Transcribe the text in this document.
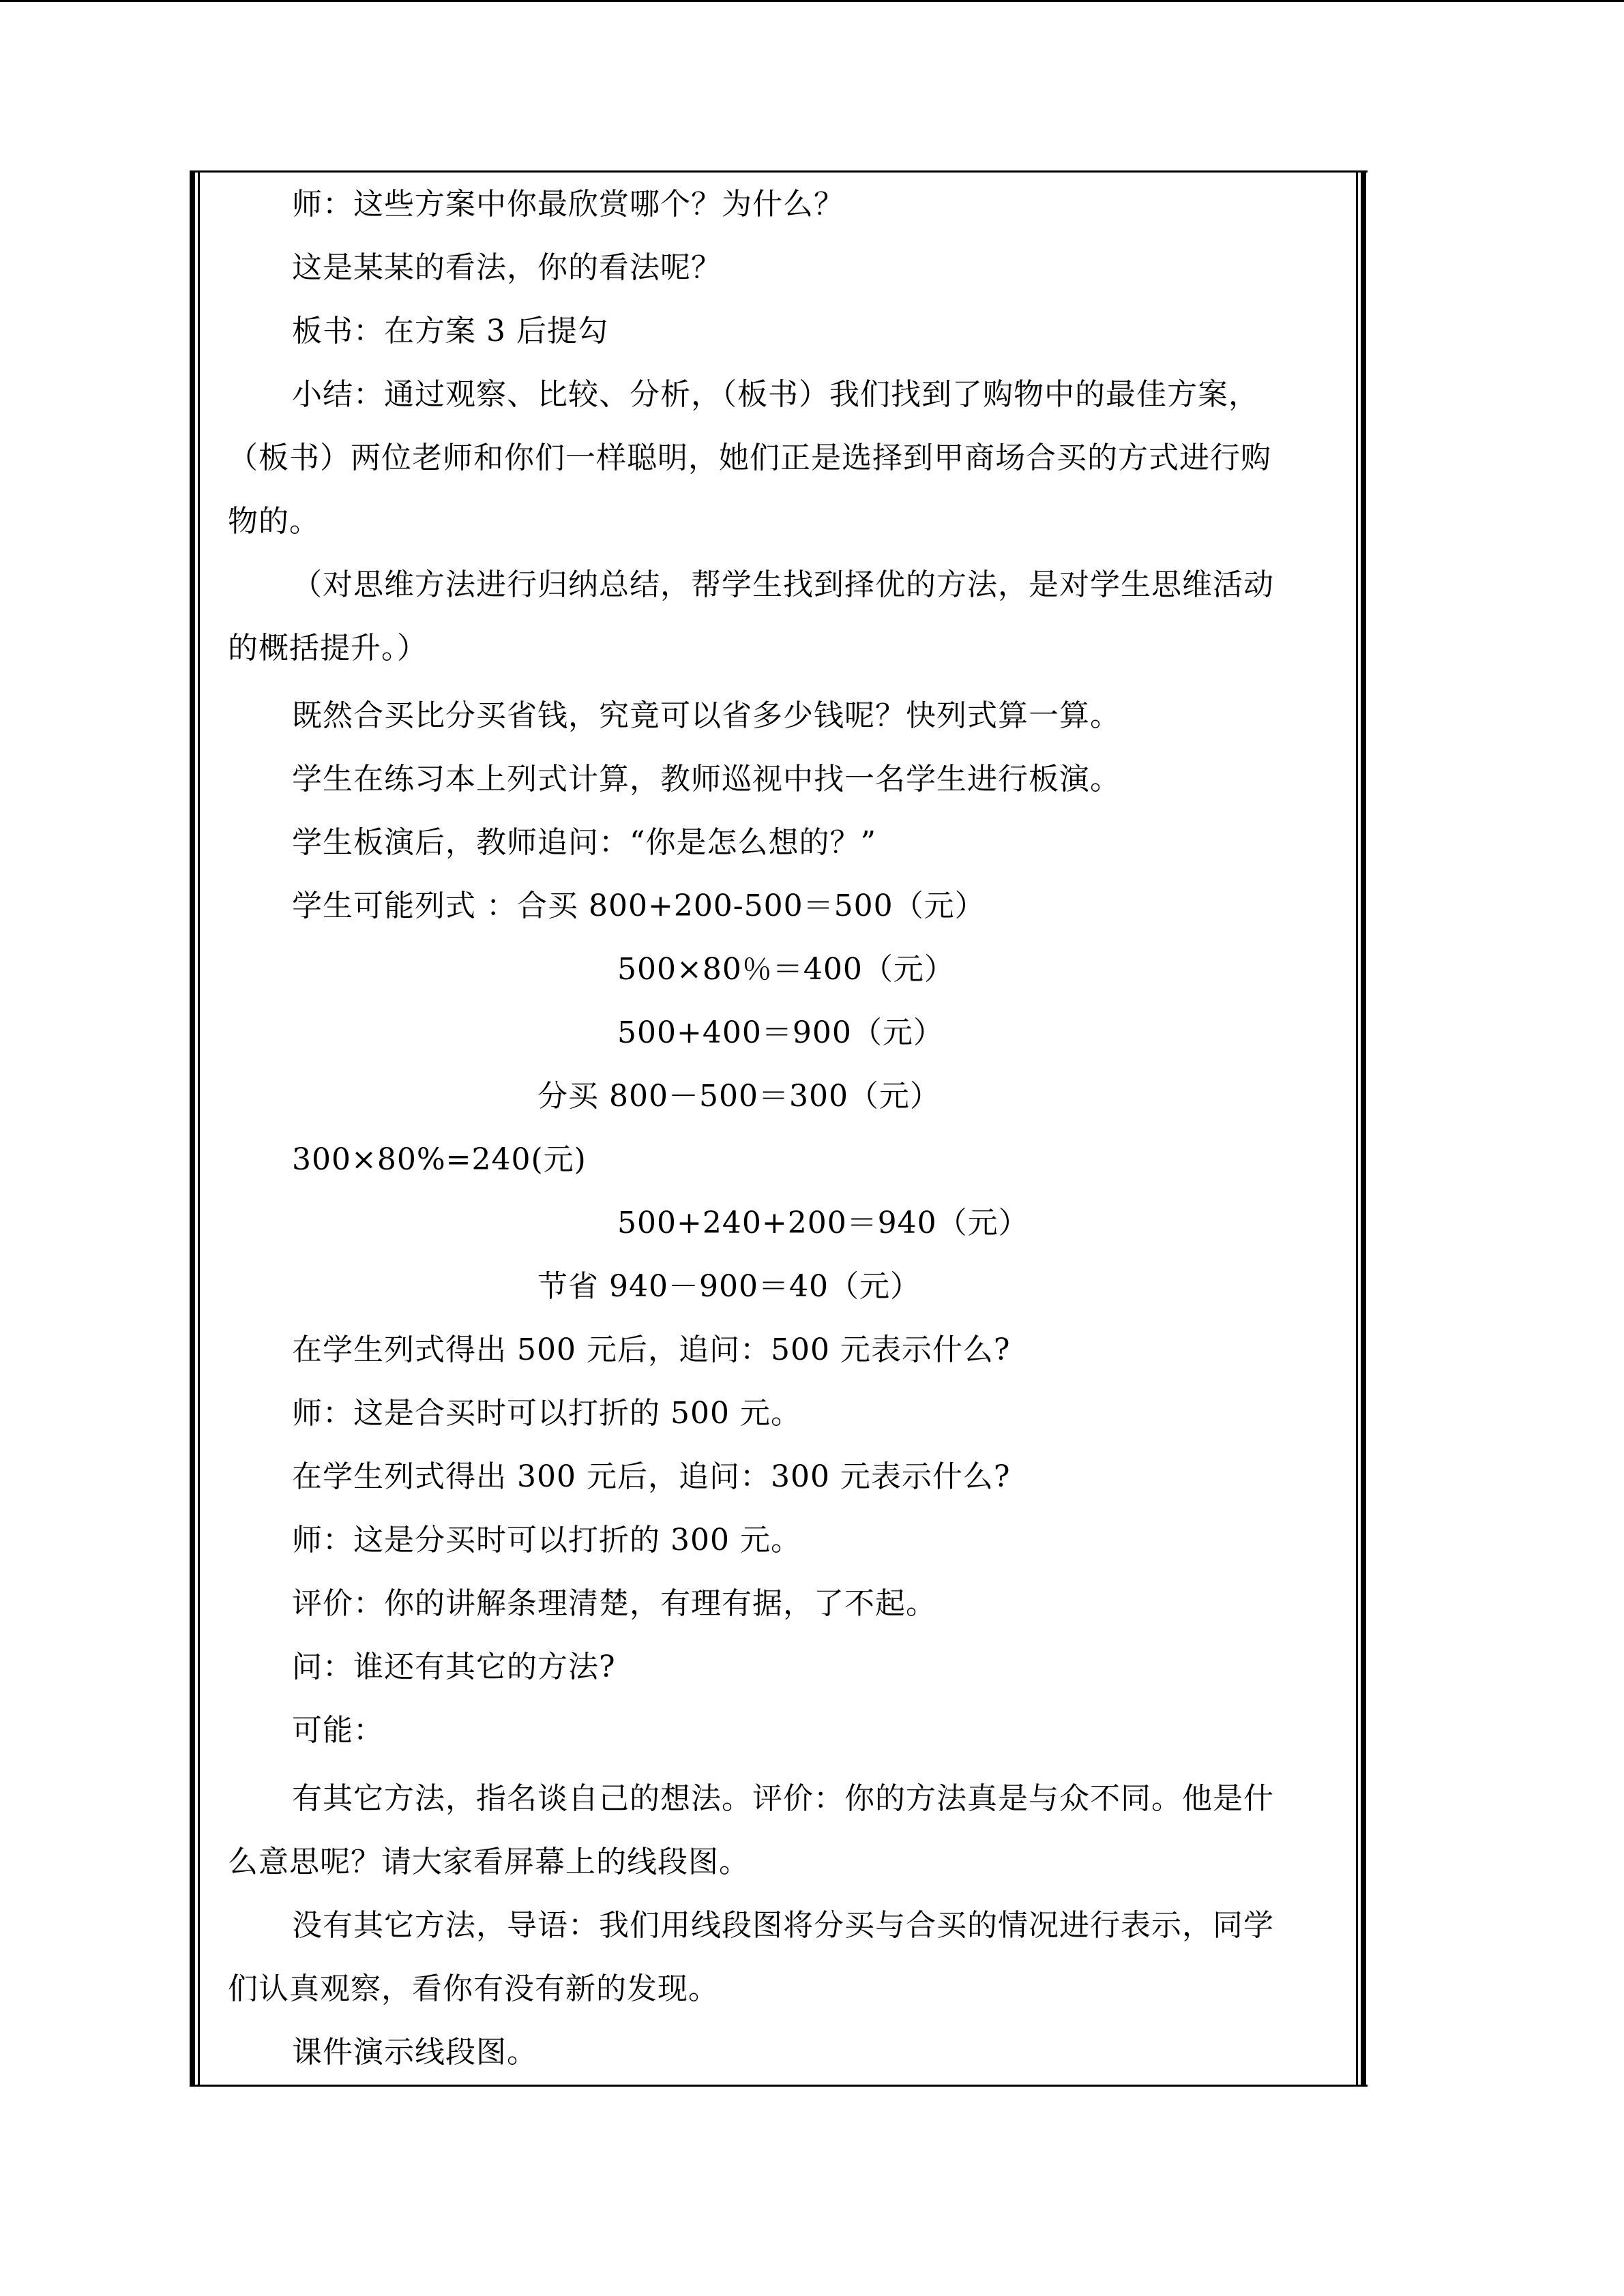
师：这些方案中你最欣赏哪个？为什么？
这是某某的看法，你的看法呢？
板书：在方案 3 后提勾
小结：通过观察、比较、分析，（板书）我们找到了购物中的最佳方案，
（板书）两位老师和你们一样聪明，她们正是选择到甲商场合买的方式进行购
物的。
（对思维方法进行归纳总结，帮学生找到择优的方法，是对学生思维活动
的概括提升。）
既然合买比分买省钱，究竟可以省多少钱呢？快列式算一算。
学生在练习本上列式计算，教师巡视中找一名学生进行板演。
学生板演后，教师追问：“你是怎么想的？”
学生可能列式 ：合买 800+200-500＝500（元）
500×80％＝400（元）
500+400＝900（元）
分买 800－500＝300（元）
300×80%=240(元)
500+240+200＝940（元）
节省 940－900＝40（元）
在学生列式得出 500 元后，追问：500 元表示什么?
师：这是合买时可以打折的 500 元。
在学生列式得出 300 元后，追问：300 元表示什么?
师：这是分买时可以打折的 300 元。
评价：你的讲解条理清楚，有理有据，了不起。
问：谁还有其它的方法?
可能：
有其它方法，指名谈自己的想法。评价：你的方法真是与众不同。他是什
么意思呢？请大家看屏幕上的线段图。
没有其它方法，导语：我们用线段图将分买与合买的情况进行表示，同学
们认真观察，看你有没有新的发现。
课件演示线段图。
